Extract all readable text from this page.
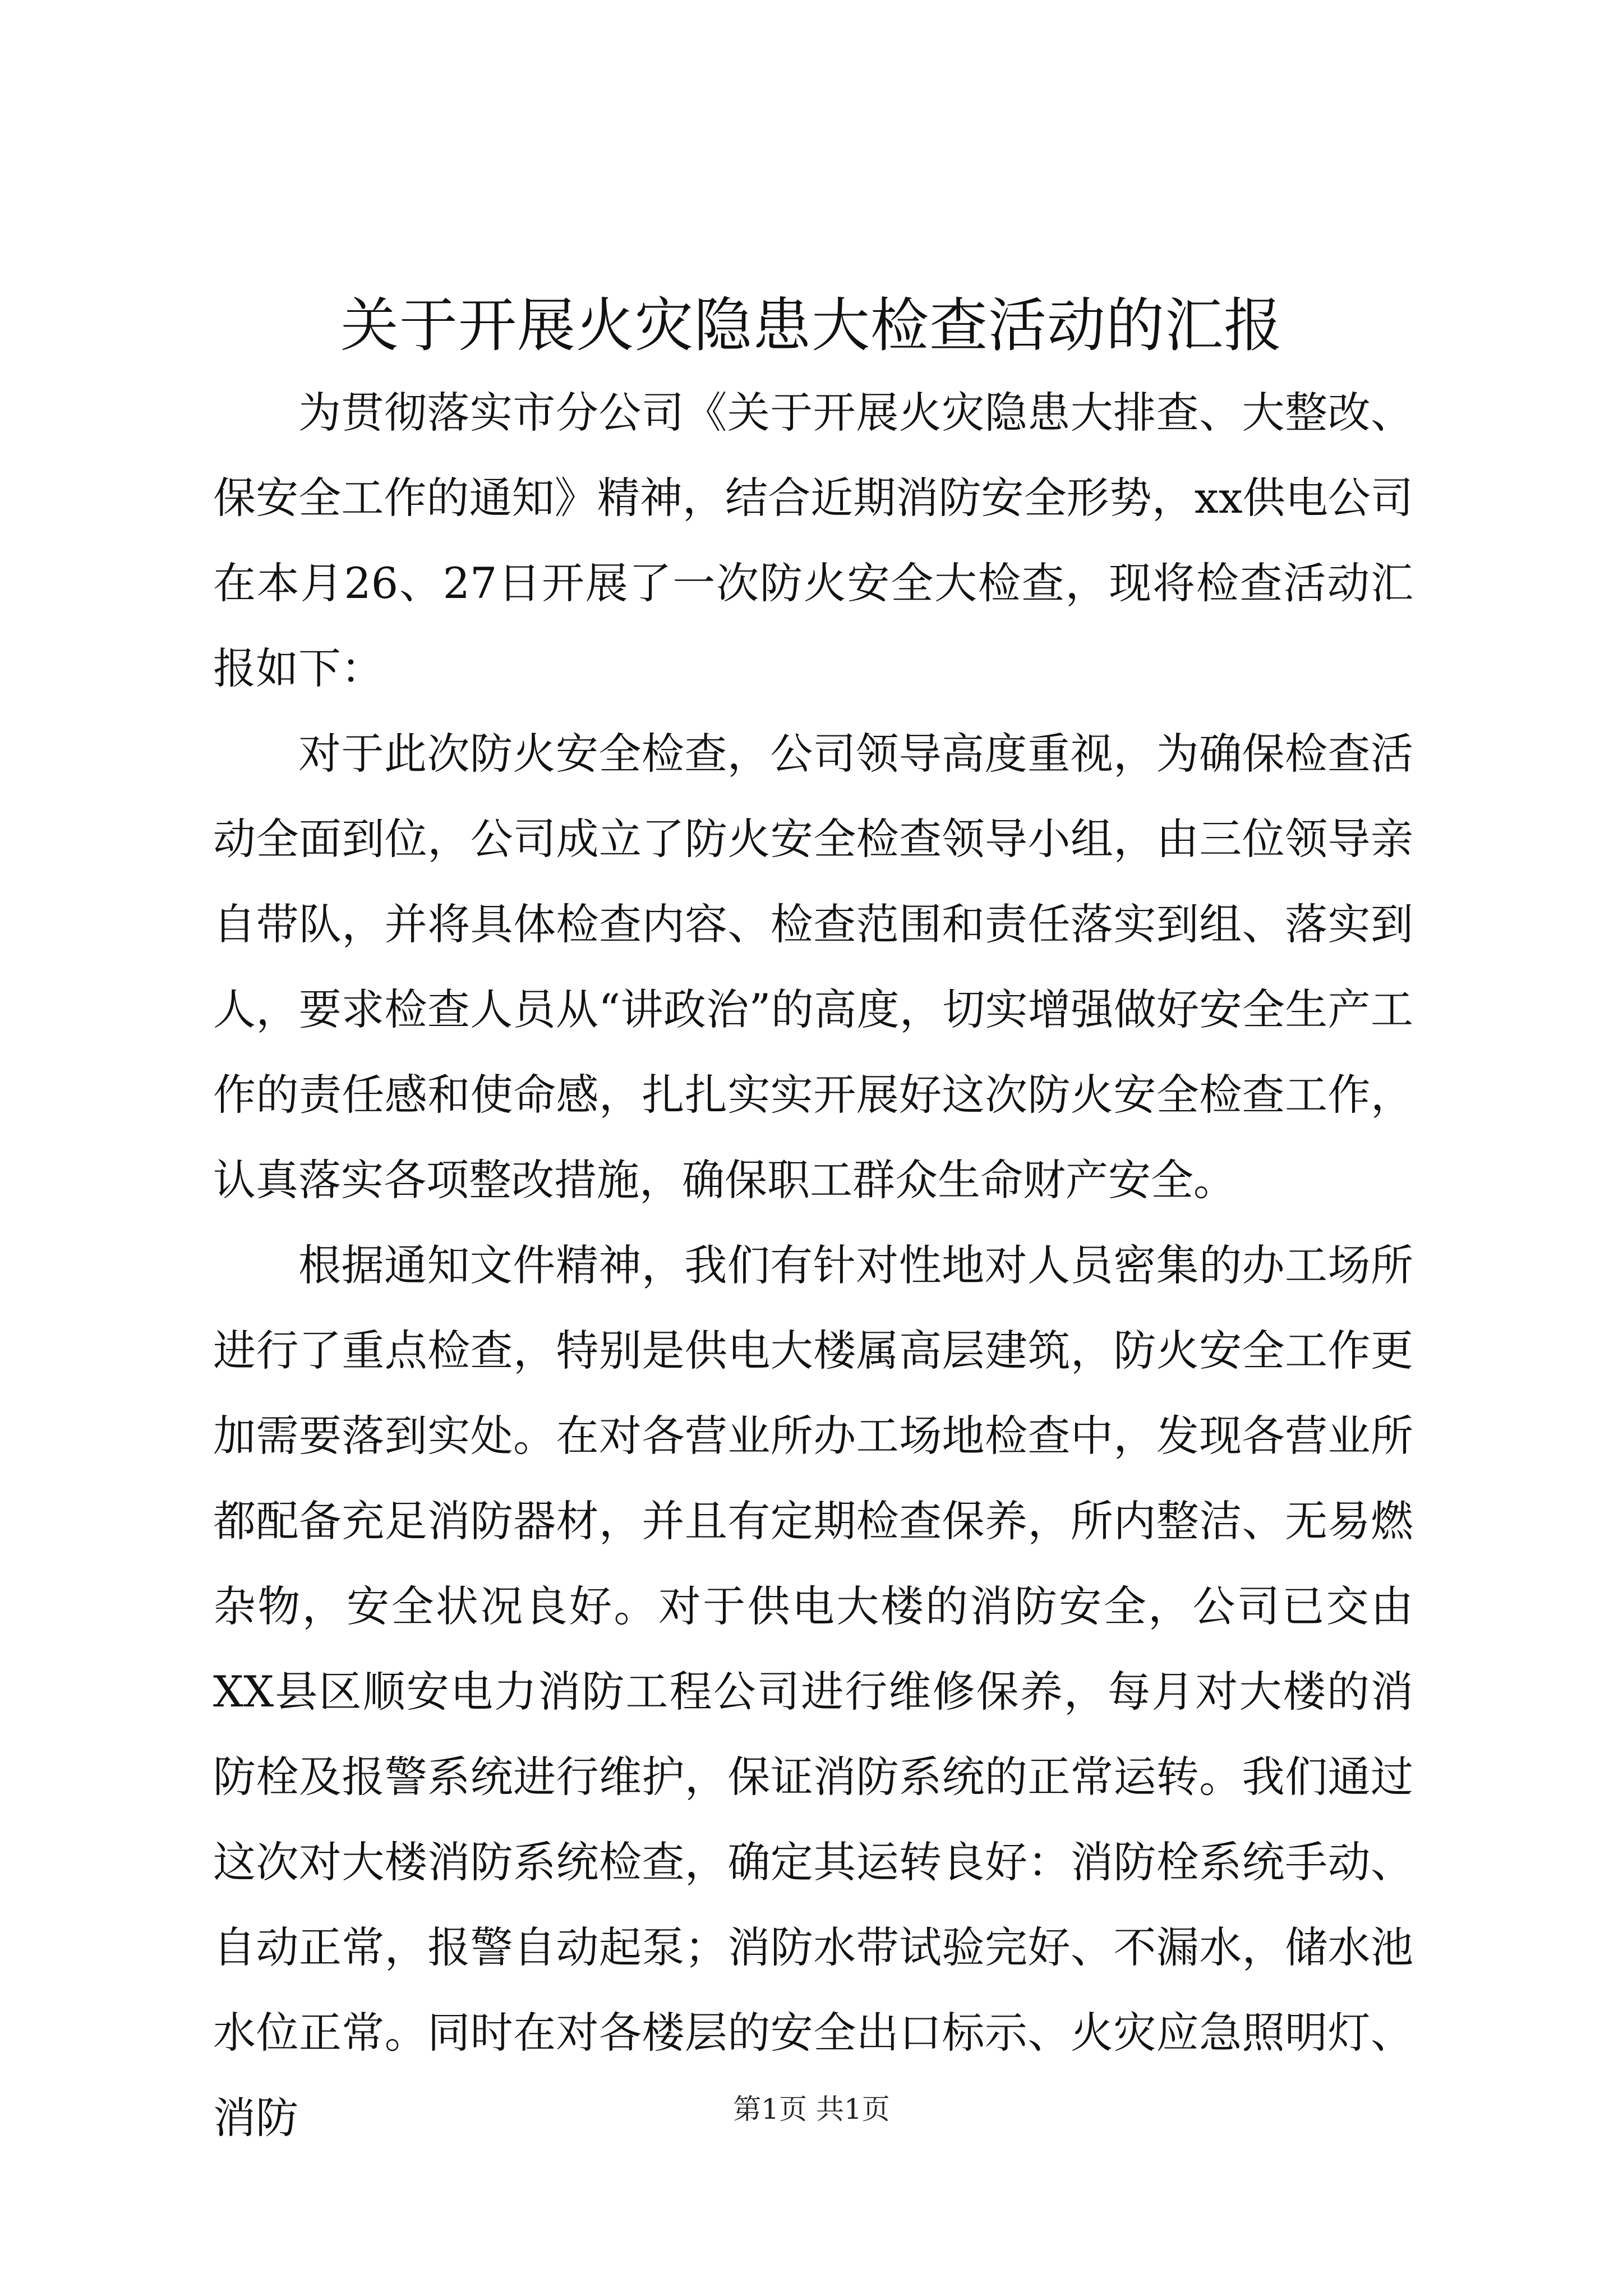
关于开展火灾隐患大检查活动的汇报

为贯彻落实市分公司《关于开展火灾隐患大排查、大整改、保安全工作的通知》精神，结合近期消防安全形势，xx供电公司在本月26、27日开展了一次防火安全大检查，现将检查活动汇报如下：

对于此次防火安全检查，公司领导高度重视，为确保检查活动全面到位，公司成立了防火安全检查领导小组，由三位领导亲自带队，并将具体检查内容、检查范围和责任落实到组、落实到人，要求检查人员从“讲政治”的高度，切实增强做好安全生产工作的责任感和使命感，扎扎实实开展好这次防火安全检查工作，认真落实各项整改措施，确保职工群众生命财产安全。

根据通知文件精神，我们有针对性地对人员密集的办工场所进行了重点检查，特别是供电大楼属高层建筑，防火安全工作更加需要落到实处。在对各营业所办工场地检查中，发现各营业所都配备充足消防器材，并且有定期检查保养，所内整洁、无易燃杂物，安全状况良好。对于供电大楼的消防安全，公司已交由XX县区顺安电力消防工程公司进行维修保养，每月对大楼的消防栓及报警系统进行维护，保证消防系统的正常运转。我们通过这次对大楼消防系统检查，确定其运转良好：消防栓系统手动、自动正常，报警自动起泵；消防水带试验完好、不漏水，储水池水位正常。同时在对各楼层的安全出口标示、火灾应急照明灯、消防	第1页 共1页
